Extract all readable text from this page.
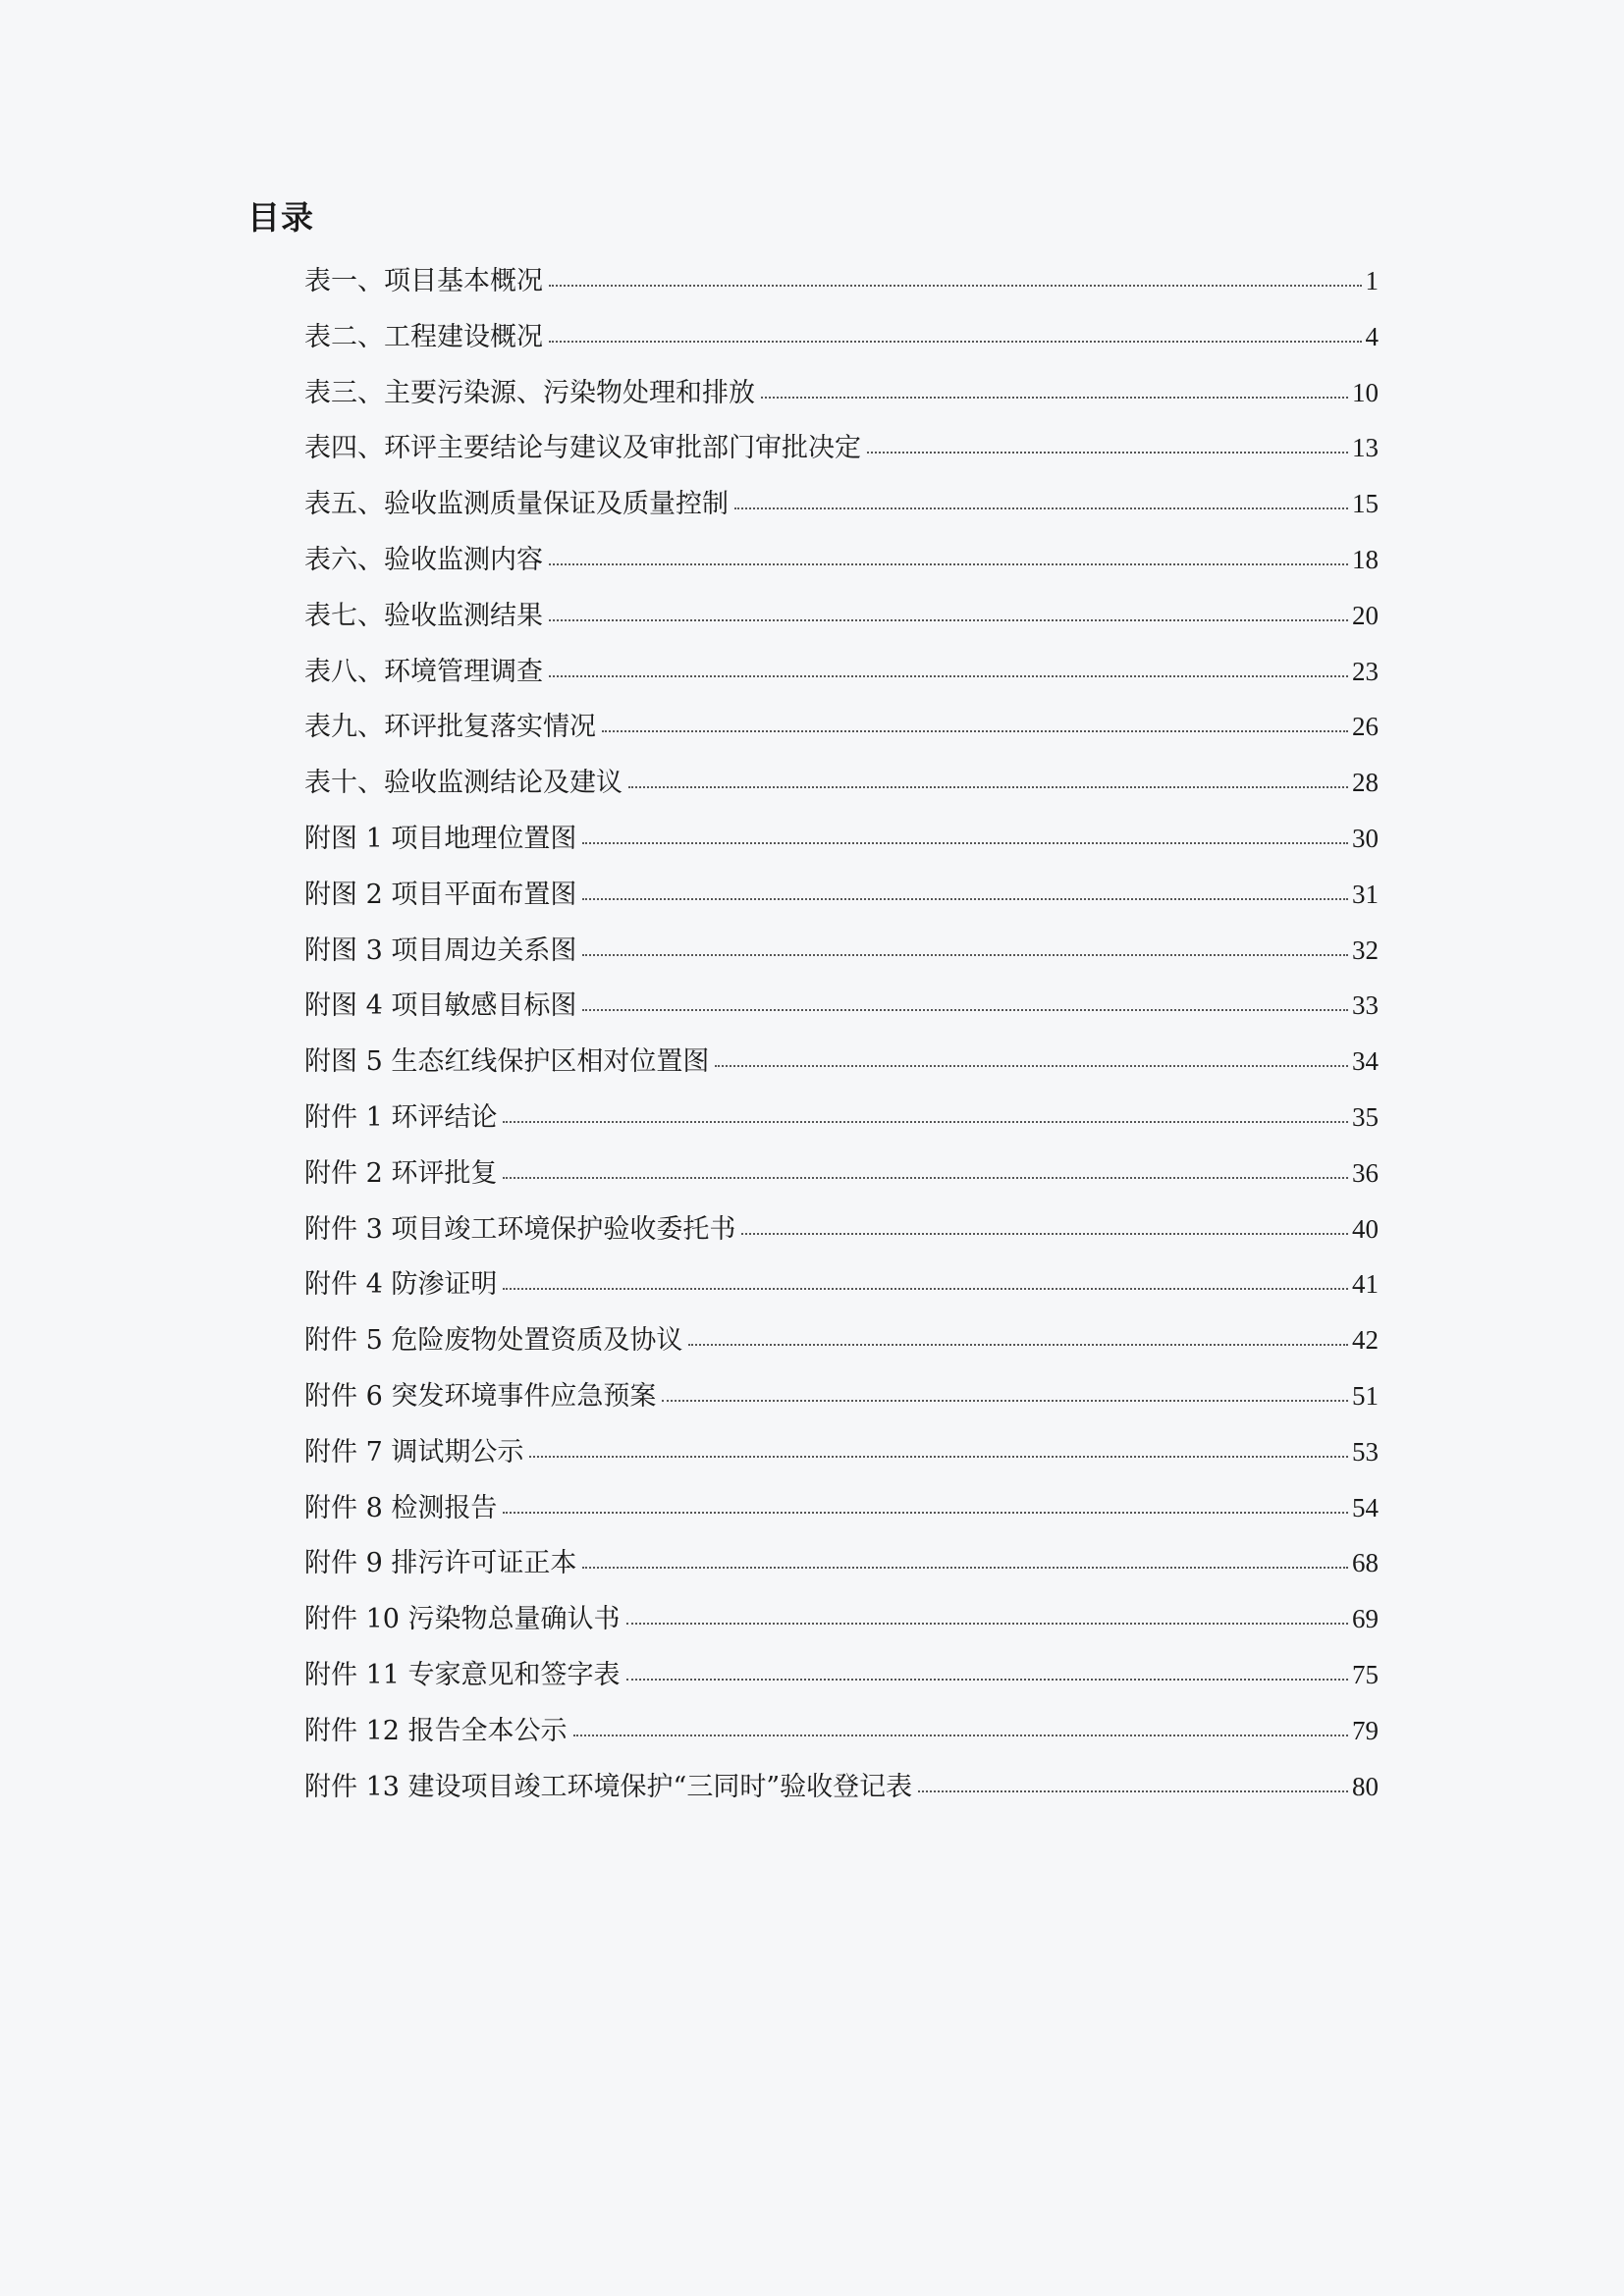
目录
表一、项目基本概况	1
表二、工程建设概况	4
表三、主要污染源、污染物处理和排放	10
表四、环评主要结论与建议及审批部门审批决定	13
表五、验收监测质量保证及质量控制	15
表六、验收监测内容	18
表七、验收监测结果	20
表八、环境管理调查	23
表九、环评批复落实情况	26
表十、验收监测结论及建议	28
附图 1 项目地理位置图	30
附图 2 项目平面布置图	31
附图 3 项目周边关系图	32
附图 4 项目敏感目标图	33
附图 5 生态红线保护区相对位置图	34
附件 1 环评结论	35
附件 2 环评批复	36
附件 3 项目竣工环境保护验收委托书	40
附件 4 防渗证明	41
附件 5 危险废物处置资质及协议	42
附件 6 突发环境事件应急预案	51
附件 7 调试期公示	53
附件 8 检测报告	54
附件 9 排污许可证正本	68
附件 10 污染物总量确认书	69
附件 11 专家意见和签字表	75
附件 12 报告全本公示	79
附件 13 建设项目竣工环境保护“三同时”验收登记表	80
